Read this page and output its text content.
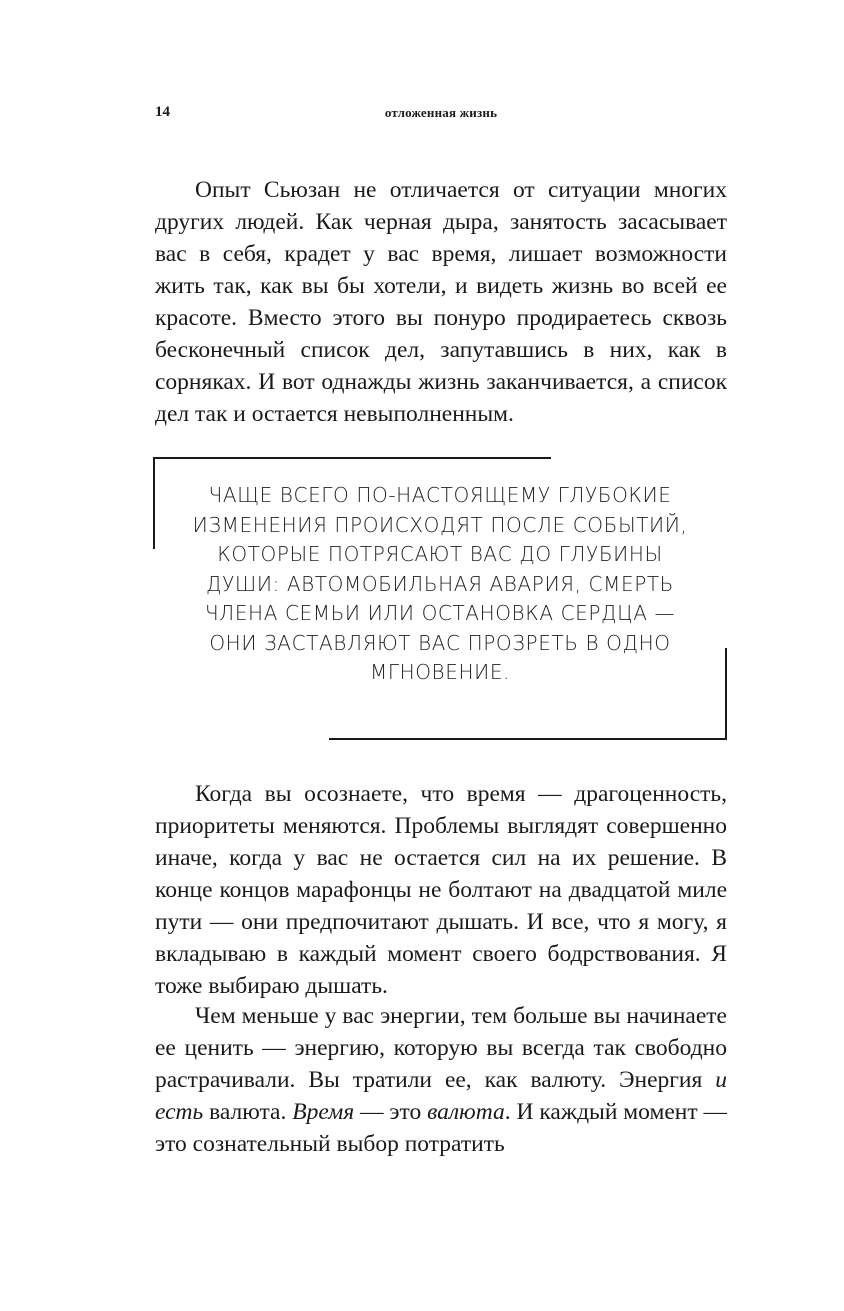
14	отложенная жизнь

Опыт Сьюзан не отличается от ситуации многих других людей. Как черная дыра, занятость засасывает вас в себя, крадет у вас время, лишает возможности жить так, как вы бы хотели, и видеть жизнь во всей ее красоте. Вместо этого вы понуро продираетесь сквозь бесконечный список дел, запутавшись в них, как в сорняках. И вот однажды жизнь заканчивается, а список дел так и остается невыполненным.

ЧАЩЕ ВСЕГО ПО-НАСТОЯЩЕМУ ГЛУБОКИЕ ИЗМЕНЕНИЯ ПРОИСХОДЯТ ПОСЛЕ СОБЫТИЙ, КОТОРЫЕ ПОТРЯСАЮТ ВАС ДО ГЛУБИНЫ ДУШИ: АВТОМОБИЛЬНАЯ АВАРИЯ, СМЕРТЬ ЧЛЕНА СЕМЬИ ИЛИ ОСТАНОВКА СЕРДЦА — ОНИ ЗАСТАВЛЯЮТ ВАС ПРОЗРЕТЬ В ОДНО МГНОВЕНИЕ.

Когда вы осознаете, что время — драгоценность, приоритеты меняются. Проблемы выглядят совершенно иначе, когда у вас не остается сил на их решение. В конце концов марафонцы не болтают на двадцатой миле пути — они предпочитают дышать. И все, что я могу, я вкладываю в каждый момент своего бодрствования. Я тоже выбираю дышать.

Чем меньше у вас энергии, тем больше вы начинаете ее ценить — энергию, которую вы всегда так свободно растрачивали. Вы тратили ее, как валюту. Энергия и есть валюта. Время — это валюта. И каждый момент — это сознательный выбор потратить
